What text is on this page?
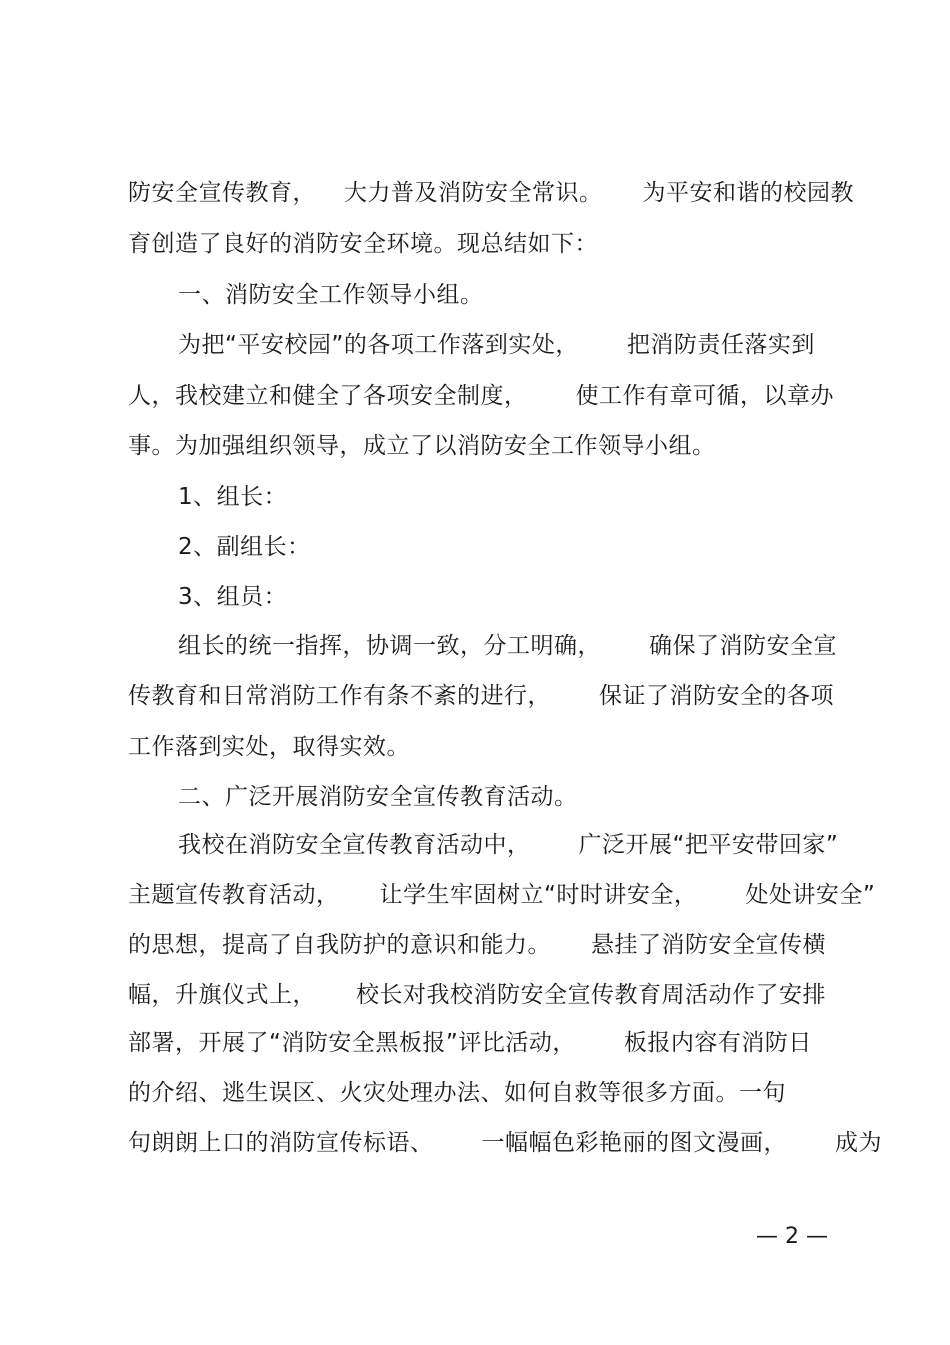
防安全宣传教育， 大力普及消防安全常识。 为平安和谐的校园教
育创造了良好的消防安全环境。现总结如下：
一、消防安全工作领导小组。
为把“平安校园”的各项工作落到实处， 把消防责任落实到
人，我校建立和健全了各项安全制度， 使工作有章可循，以章办
事。为加强组织领导，成立了以消防安全工作领导小组。
1、组长：
2、副组长：
3、组员：
组长的统一指挥，协调一致，分工明确， 确保了消防安全宣
传教育和日常消防工作有条不紊的进行， 保证了消防安全的各项
工作落到实处，取得实效。
二、广泛开展消防安全宣传教育活动。
我校在消防安全宣传教育活动中， 广泛开展“把平安带回家”
主题宣传教育活动， 让学生牢固树立“时时讲安全， 处处讲安全”
的思想，提高了自我防护的意识和能力。 悬挂了消防安全宣传横
幅，升旗仪式上， 校长对我校消防安全宣传教育周活动作了安排
部署，开展了“消防安全黑板报”评比活动， 板报内容有消防日
的介绍、逃生误区、火灾处理办法、如何自救等很多方面。一句
句朗朗上口的消防宣传标语、 一幅幅色彩艳丽的图文漫画， 成为
— 2 —
